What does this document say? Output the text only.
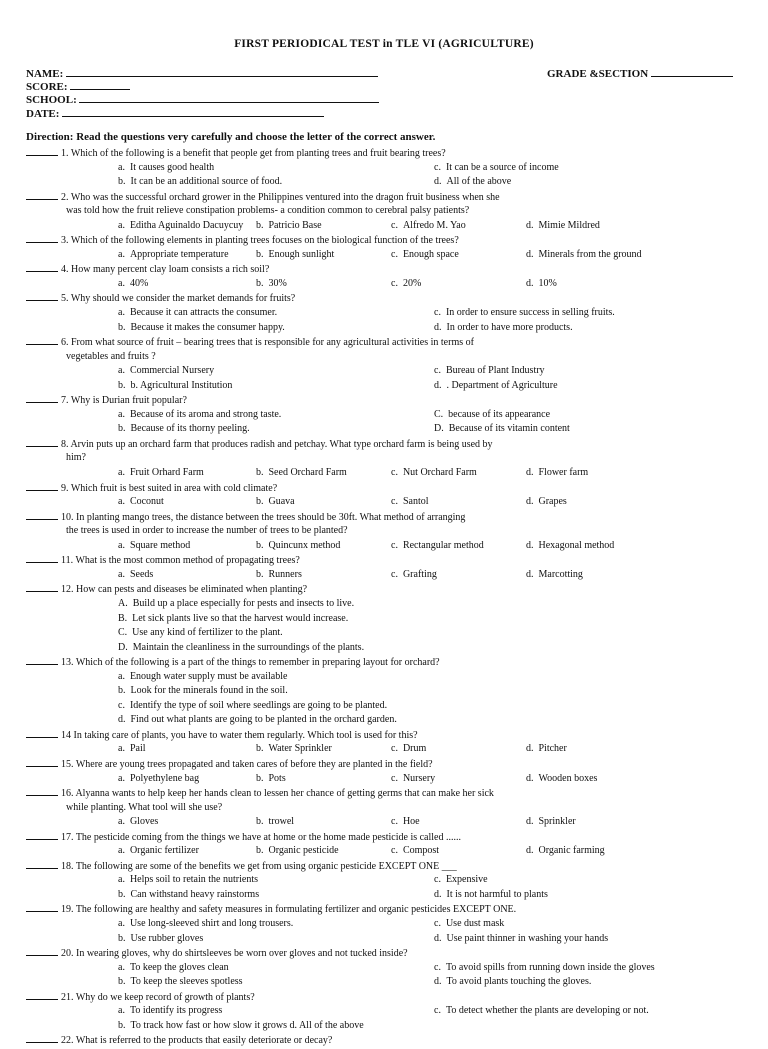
FIRST PERIODICAL TEST in TLE VI (AGRICULTURE)
NAME:	GRADE &SECTION
SCORE:
SCHOOL:
DATE:
Direction: Read the questions very carefully and choose the letter of the correct answer.
1. Which of the following is a benefit that people get from planting trees and fruit bearing trees?
a. It causes good health	c. It can be a source of income
b. It can be an additional source of food.	d. All of the above
2. Who was the successful orchard grower in the Philippines ventured into the dragon fruit business when she
was told how the fruit relieve constipation problems- a condition common to cerebral palsy patients?
a. Editha Aguinaldo Dacuycuy b. Patricio Base	c. Alfredo M. Yao	d. Mimie Mildred
3. Which of the following elements in planting trees focuses on the biological function of the trees?
a. Appropriate temperature	b. Enough sunlight	c. Enough space	d. Minerals from the ground
4. How many percent clay loam consists a rich soil?
a. 40%	b. 30%	c. 20%	d. 10%
5. Why should we consider the market demands for fruits?
a. Because it can attracts the consumer.	c. In order to ensure success in selling fruits.
b. Because it makes the consumer happy.	d. In order to have more products.
6. From what source of fruit – bearing trees that is responsible for any agricultural activities in terms of
vegetables and fruits ?
a. Commercial Nursery	c. Bureau of Plant Industry
b. b. Agricultural Institution	d. . Department of Agriculture
7. Why is Durian fruit popular?
a. Because of its aroma and strong taste.	C. because of its appearance
b. Because of its thorny peeling.	D. Because of its vitamin content
8. Arvin puts up an orchard farm that produces radish and petchay. What type orchard farm is being used by
him?
a. Fruit Orhard Farm	b. Seed Orchard Farm	c. Nut Orchard Farm	d. Flower farm
9. Which fruit is best suited in area with cold climate?
a. Coconut	b. Guava	c. Santol	d. Grapes
10. In planting mango trees, the distance between the trees should be 30ft. What method of arranging
the trees is used in order to increase the number of trees to be planted?
a. Square method	b. Quincunx method	c. Rectangular method	d. Hexagonal method
11. What is the most common method of propagating trees?
a. Seeds	b. Runners	c. Grafting	d. Marcotting
12. How can pests and diseases be eliminated when planting?
A. Build up a place especially for pests and insects to live.
B. Let sick plants live so that the harvest would increase.
C. Use any kind of fertilizer to the plant.
D. Maintain the cleanliness in the surroundings of the plants.
13. Which of the following is a part of the things to remember in preparing layout for orchard?
a. Enough water supply must be available
b. Look for the minerals found in the soil.
c. Identify the type of soil where seedlings are going to be planted.
d. Find out what plants are going to be planted in the orchard garden.
14 In taking care of plants, you have to water them regularly. Which tool is used for this?
a. Pail	b. Water Sprinkler	c. Drum	d. Pitcher
15. Where are young trees propagated and taken cares of before they are planted in the field?
a. Polyethylene bag	b. Pots	c. Nursery	d. Wooden boxes
16. Alyanna wants to help keep her hands clean to lessen her chance of getting germs that can make her sick
while planting. What tool will she use?
a. Gloves	b. trowel	c. Hoe	d. Sprinkler
17. The pesticide coming from the things we have at home or the home made pesticide is called ......
a. Organic fertilizer	b. Organic pesticide	c. Compost	d. Organic farming
18. The following are some of the benefits we get from using organic pesticide EXCEPT ONE ___
a. Helps soil to retain the nutrients	c. Expensive
b. Can withstand heavy rainstorms	d. It is not harmful to plants
19. The following are healthy and safety measures in formulating fertilizer and organic pesticides EXCEPT ONE.
a. Use long-sleeved shirt and long trousers.	c. Use dust mask
b. Use rubber gloves	d. Use paint thinner in washing your hands
20. In wearing gloves, why do shirtsleeves be worn over gloves and not tucked inside?
a. To keep the gloves clean	c. To avoid spills from running down inside the gloves
b. To keep the sleeves spotless	d. To avoid plants touching the gloves.
21. Why do we keep record of growth of plants?
a. To identify its progress	c. To detect whether the plants are developing or not.
b. To track how fast or how slow it grows d. All of the above
22. What is referred to the products that easily deteriorate or decay?
